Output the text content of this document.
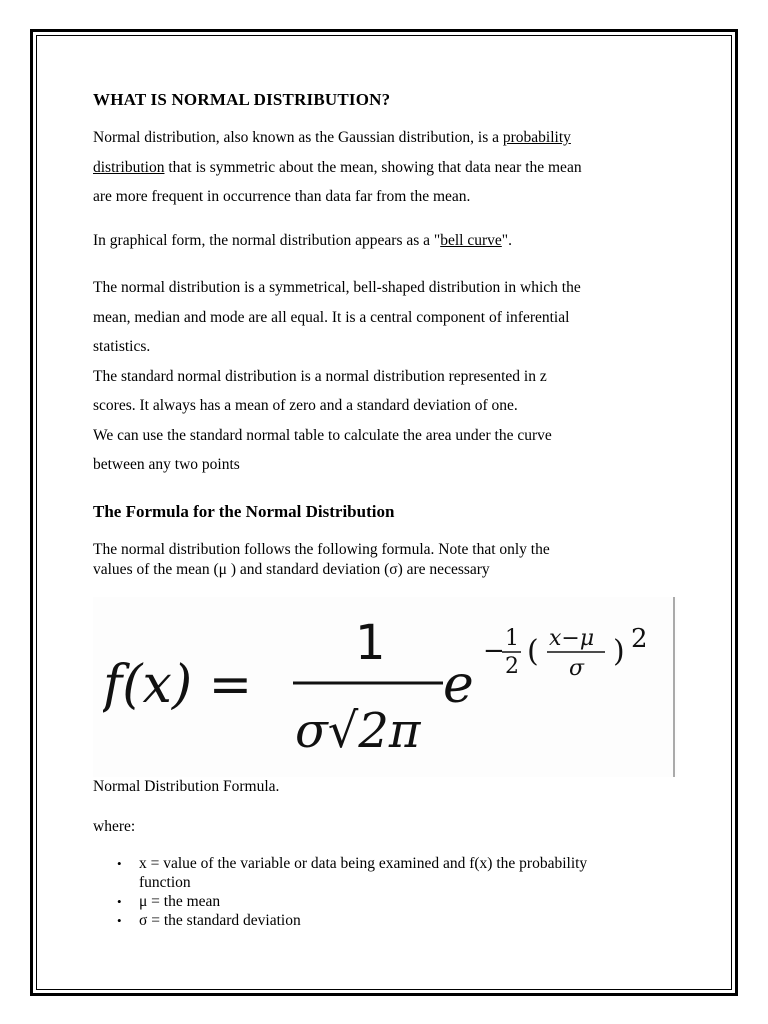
WHAT IS NORMAL DISTRIBUTION?
Normal distribution, also known as the Gaussian distribution, is a probability
distribution that is symmetric about the mean, showing that data near the mean
are more frequent in occurrence than data far from the mean.
In graphical form, the normal distribution appears as a "bell curve".
The normal distribution is a symmetrical, bell-shaped distribution in which the
mean, median and mode are all equal. It is a central component of inferential
statistics.
The standard normal distribution is a normal distribution represented in z
scores. It always has a mean of zero and a standard deviation of one.
We can use the standard normal table to calculate the area under the curve
between any two points
The Formula for the Normal Distribution
The normal distribution follows the following formula. Note that only the
values of the mean (μ ) and standard deviation (σ) are necessary
f(x) =
1
σ√2π
e
− 1
2 ( x−μ
σ ) 2
Normal Distribution Formula.
where:
• x = value of the variable or data being examined and f(x) the probability
function
• μ = the mean
• σ = the standard deviation
